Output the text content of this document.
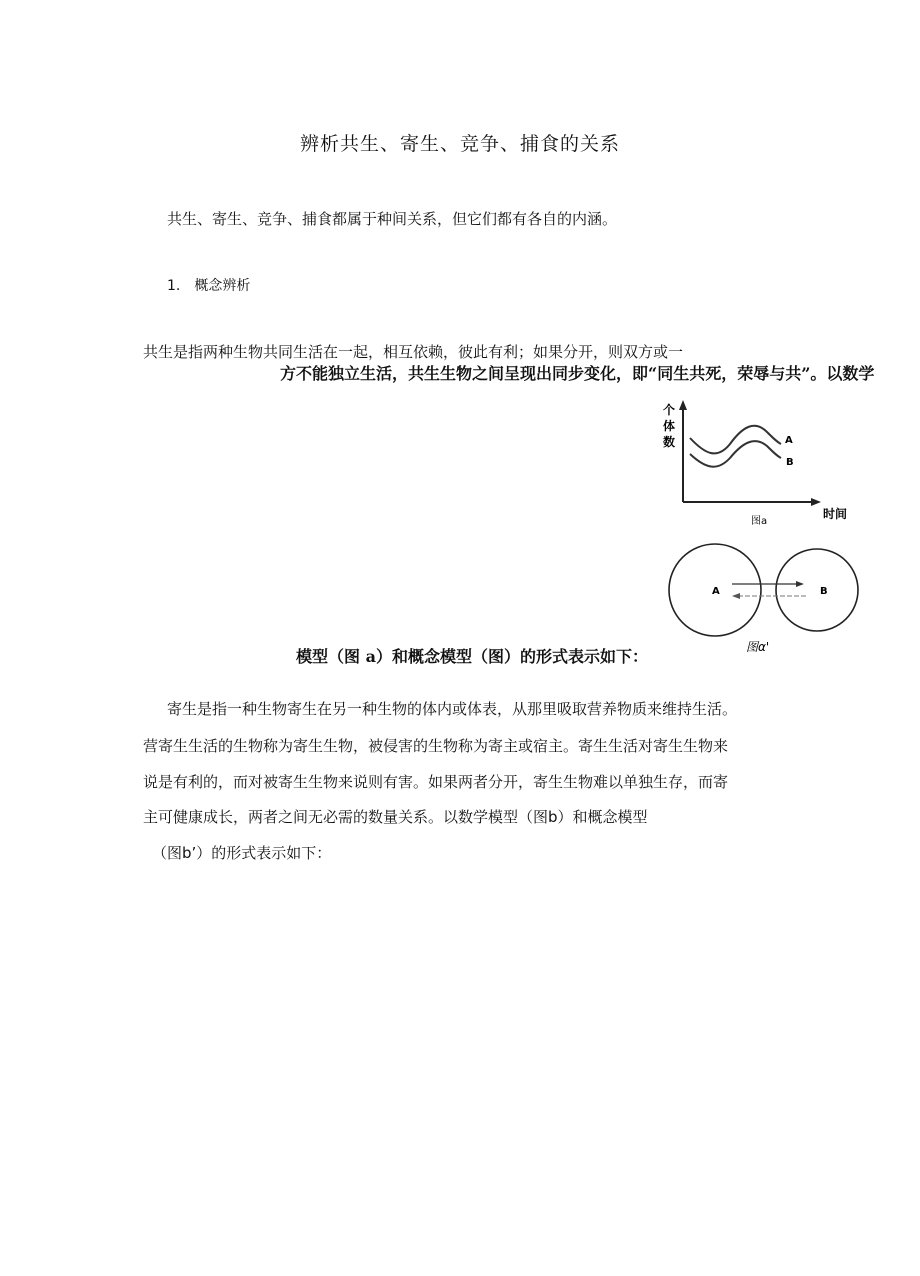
辨析共生、寄生、竞争、捕食的关系
共生、寄生、竞争、捕食都属于种间关系，但它们都有各自的内涵。
1.　概念辨析
共生是指两种生物共同生活在一起，相互依赖，彼此有利；如果分开，则双方或一
方不能独立生活，共生生物之间呈现出同步变化，即“同生共死，荣辱与共”。以数学
个
体
数	A
B
时间
图a
A	B
图α'
模型（图 a）和概念模型（图）的形式表示如下：
寄生是指一种生物寄生在另一种生物的体内或体表，从那里吸取营养物质来维持生活。
营寄生生活的生物称为寄生生物，被侵害的生物称为寄主或宿主。寄生生活对寄生生物来
说是有利的，而对被寄生生物来说则有害。如果两者分开，寄生生物难以单独生存，而寄
主可健康成长，两者之间无必需的数量关系。以数学模型（图b）和概念模型
（图b’）的形式表示如下：
